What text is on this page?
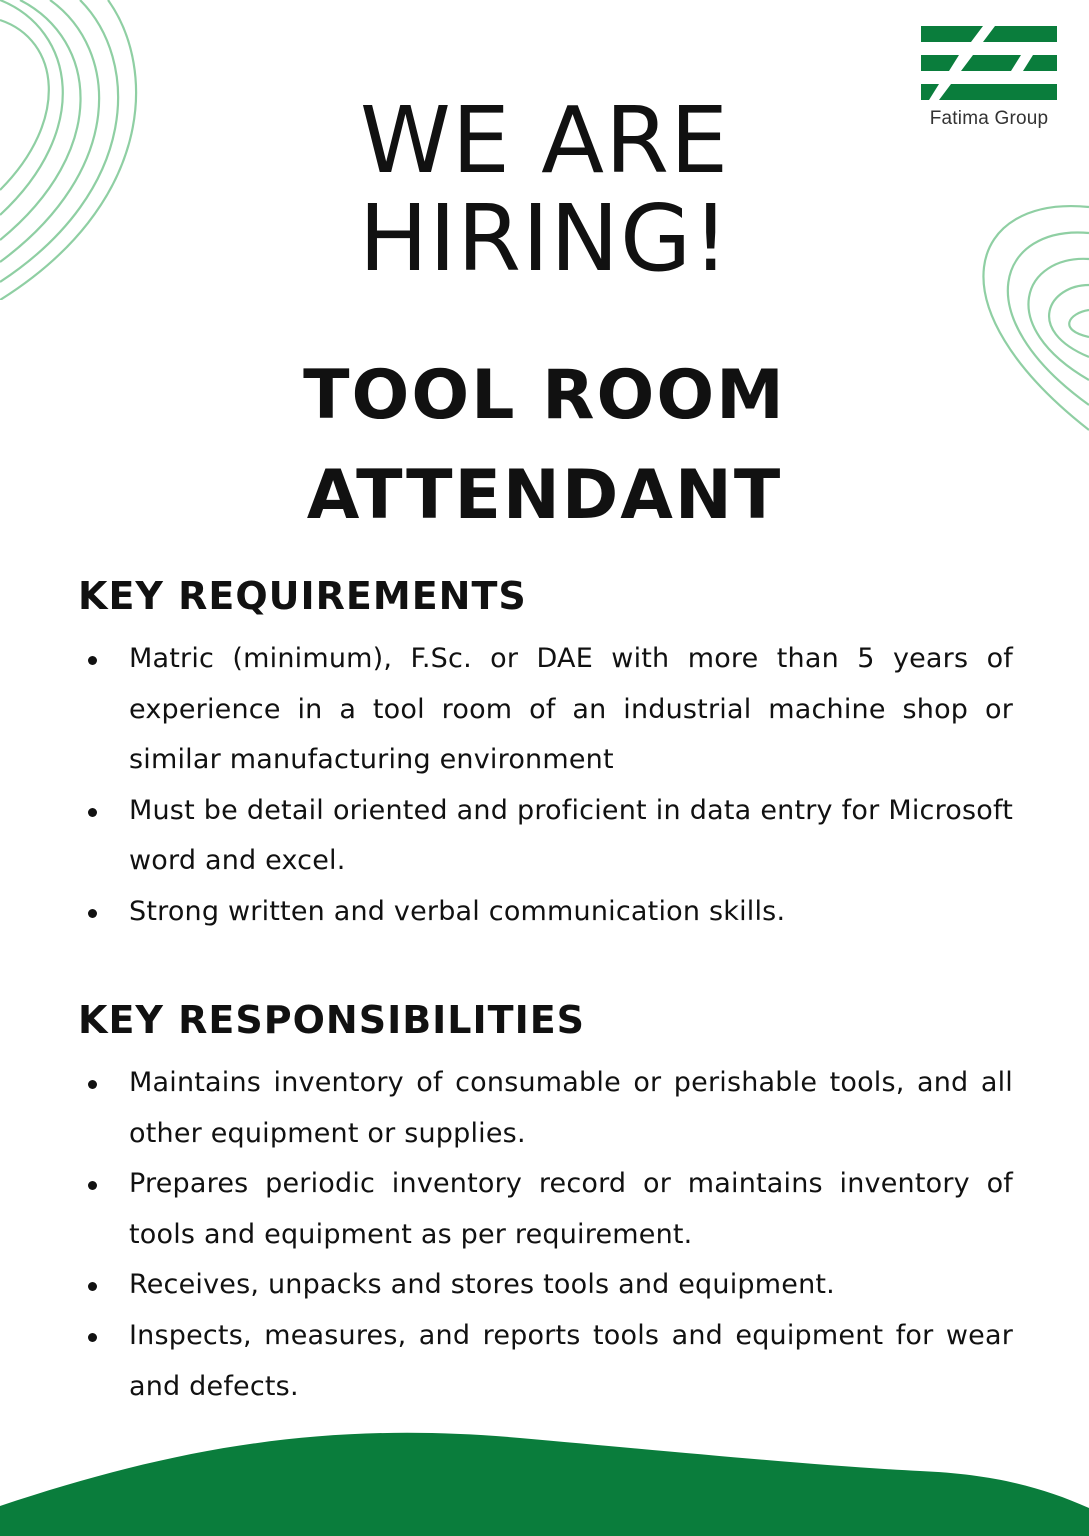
Fatima Group
WE ARE HIRING!
TOOL ROOM ATTENDANT
KEY REQUIREMENTS
Matric (minimum), F.Sc. or DAE with more than 5 years of experience in a tool room of an industrial machine shop or similar manufacturing environment
Must be detail oriented and proficient in data entry for Microsoft word and excel.
Strong written and verbal communication skills.
KEY RESPONSIBILITIES
Maintains inventory of consumable or perishable tools, and all other equipment or supplies.
Prepares periodic inventory record or maintains inventory of tools and equipment as per requirement.
Receives, unpacks and stores tools and equipment.
Inspects, measures, and reports tools and equipment for wear and defects.
